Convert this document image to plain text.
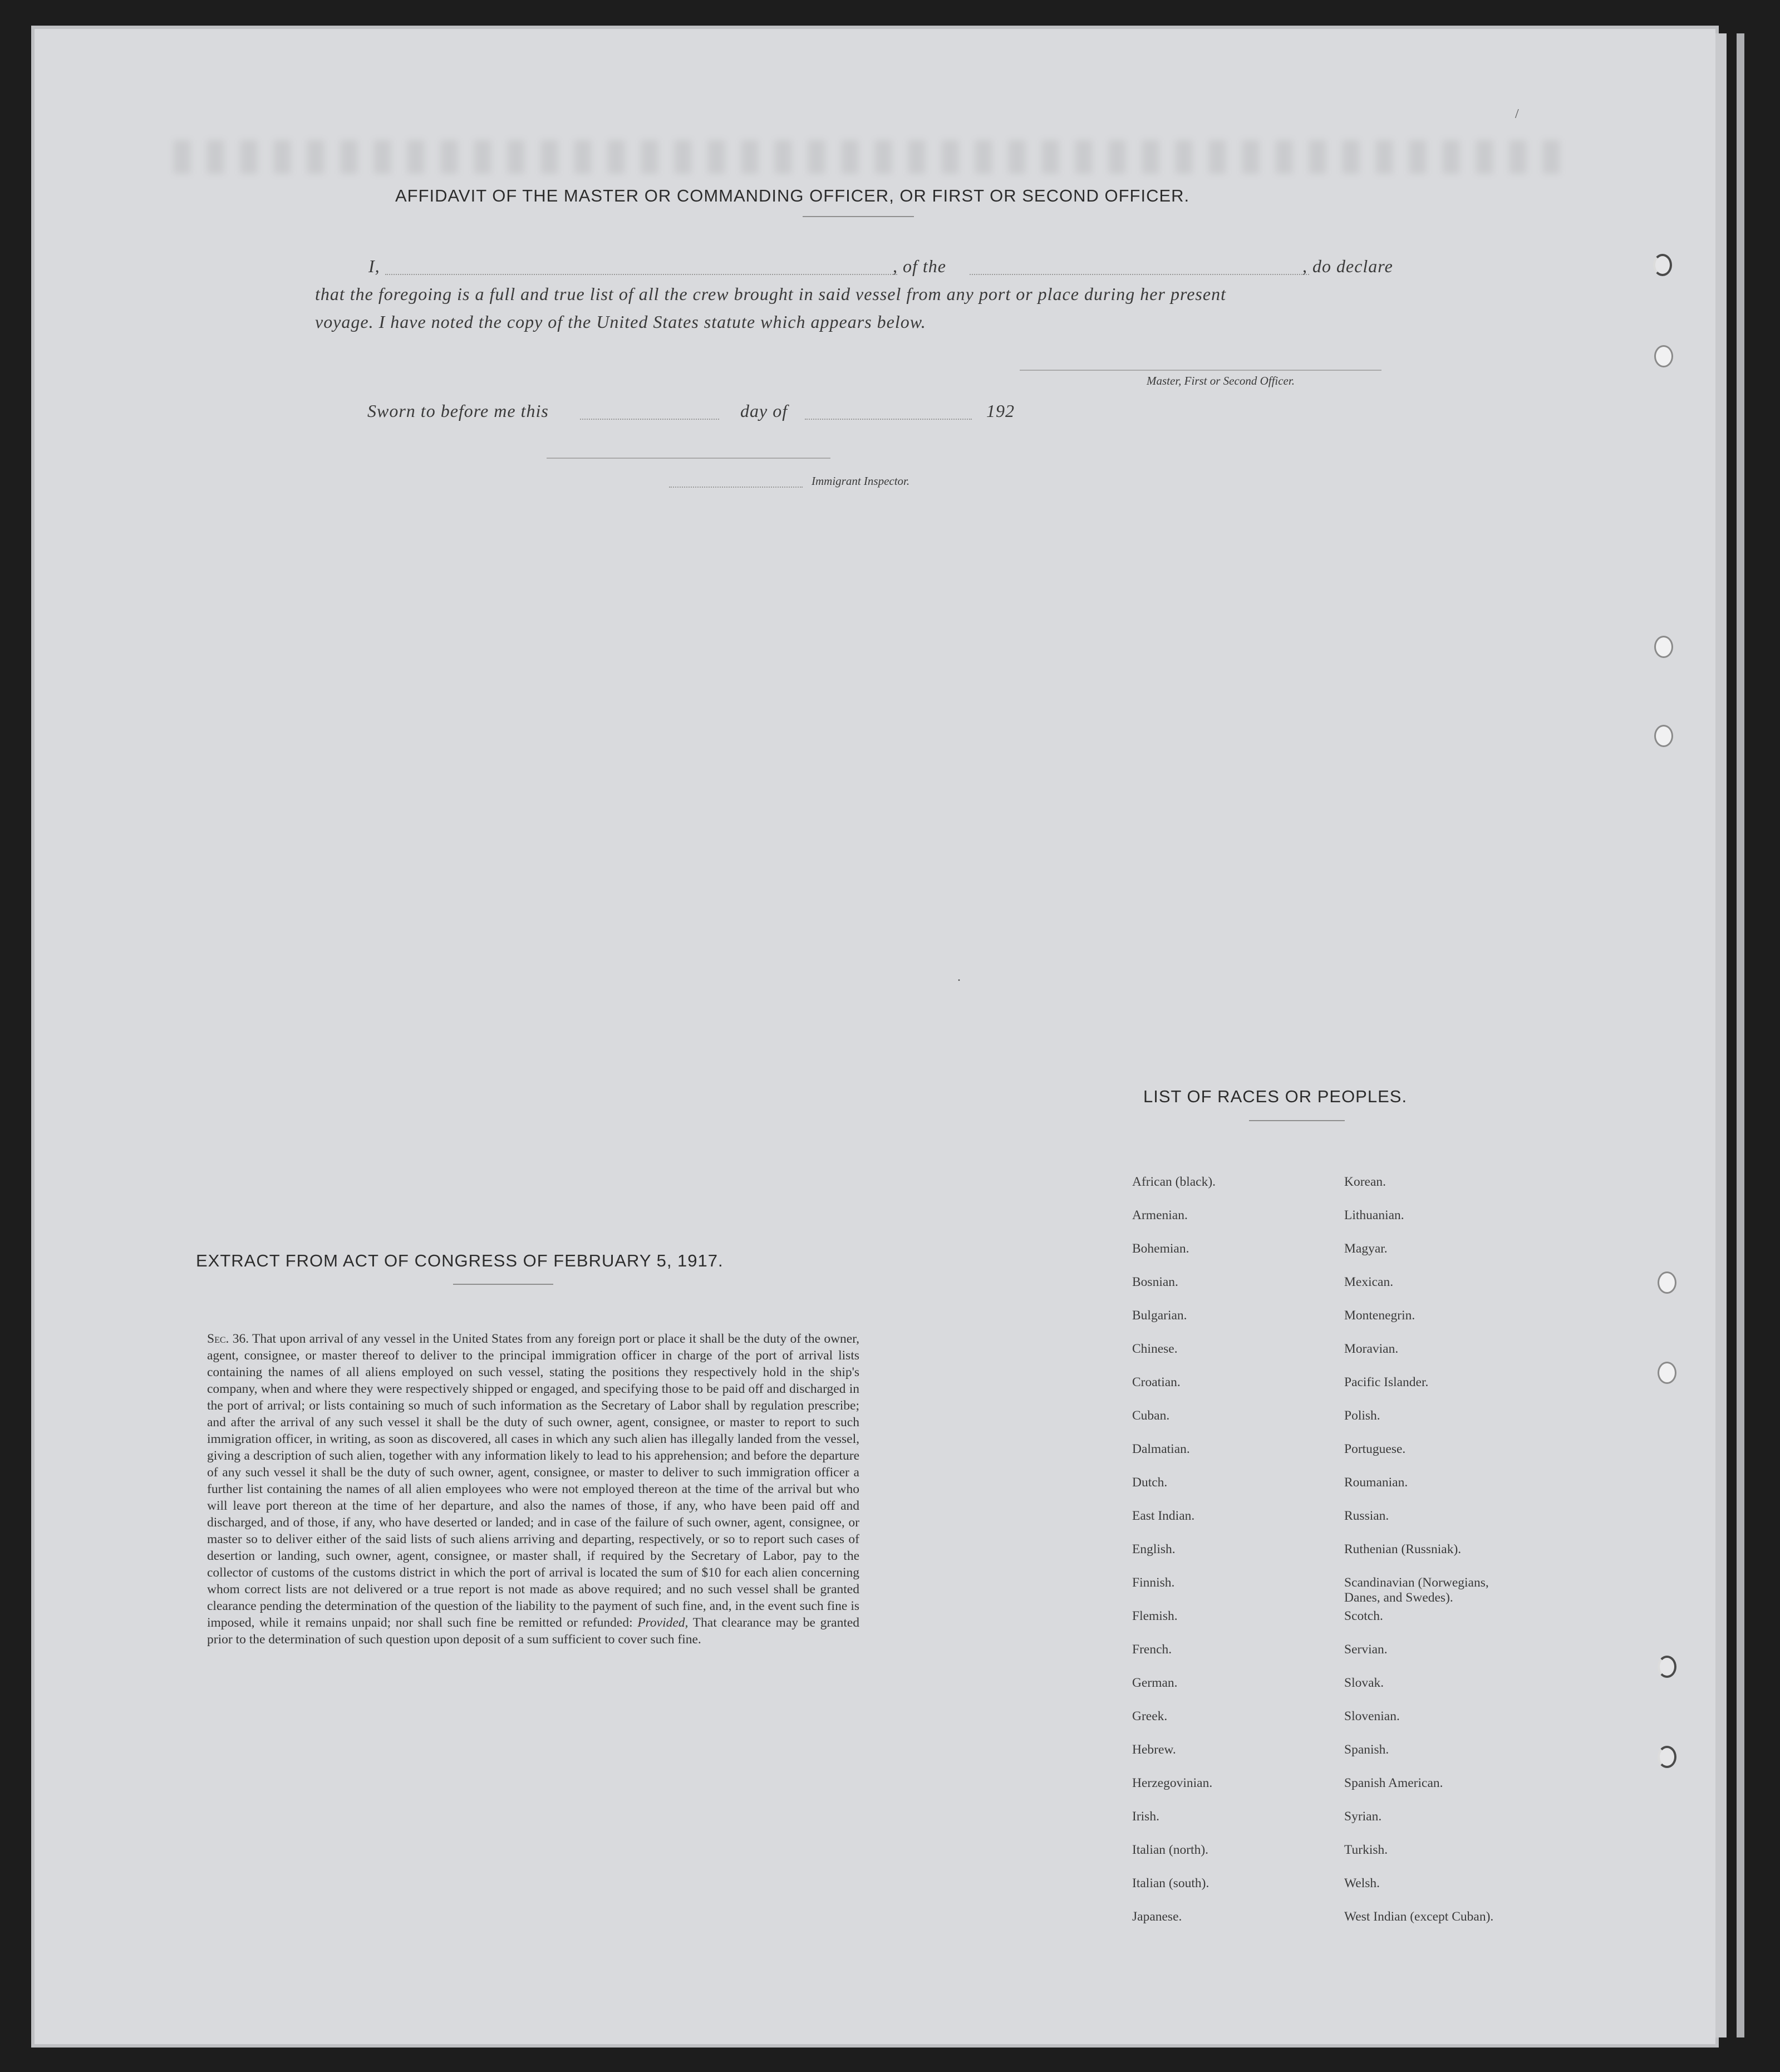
AFFIDAVIT OF THE MASTER OR COMMANDING OFFICER, OR FIRST OR SECOND OFFICER.
I,	, of the	, do declare
that the foregoing is a full and true list of all the crew brought in said vessel from any port or place during her present
voyage. I have noted the copy of the United States statute which appears below.
Master, First or Second Officer.
Sworn to before me this	day of	192
Immigrant Inspector.
EXTRACT FROM ACT OF CONGRESS OF FEBRUARY 5, 1917.
Sec. 36. That upon arrival of any vessel in the United States from any foreign port or place it shall be the duty of the owner, agent, consignee, or master thereof to deliver to the principal immigration officer in charge of the port of arrival lists containing the names of all aliens employed on such vessel, stating the positions they respectively hold in the ship's company, when and where they were respectively shipped or engaged, and specifying those to be paid off and discharged in the port of arrival; or lists containing so much of such information as the Secretary of Labor shall by regulation prescribe; and after the arrival of any such vessel it shall be the duty of such owner, agent, consignee, or master to report to such immigration officer, in writing, as soon as discovered, all cases in which any such alien has illegally landed from the vessel, giving a description of such alien, together with any information likely to lead to his apprehension; and before the departure of any such vessel it shall be the duty of such owner, agent, consignee, or master to deliver to such immigration officer a further list containing the names of all alien employees who were not employed thereon at the time of the arrival but who will leave port thereon at the time of her departure, and also the names of those, if any, who have been paid off and discharged, and of those, if any, who have deserted or landed; and in case of the failure of such owner, agent, consignee, or master so to deliver either of the said lists of such aliens arriving and departing, respectively, or so to report such cases of desertion or landing, such owner, agent, consignee, or master shall, if required by the Secretary of Labor, pay to the collector of customs of the customs district in which the port of arrival is located the sum of $10 for each alien concerning whom correct lists are not delivered or a true report is not made as above required; and no such vessel shall be granted clearance pending the determination of the question of the liability to the payment of such fine, and, in the event such fine is imposed, while it remains unpaid; nor shall such fine be remitted or refunded: Provided, That clearance may be granted prior to the determination of such question upon deposit of a sum sufficient to cover such fine.
LIST OF RACES OR PEOPLES.
African (black).	Korean.
Armenian.	Lithuanian.
Bohemian.	Magyar.
Bosnian.	Mexican.
Bulgarian.	Montenegrin.
Chinese.	Moravian.
Croatian.	Pacific Islander.
Cuban.	Polish.
Dalmatian.	Portuguese.
Dutch.	Roumanian.
East Indian.	Russian.
English.	Ruthenian (Russniak).
Finnish.	Scandinavian (Norwegians, Danes, and Swedes).
Flemish.	Scotch.
French.	Servian.
German.	Slovak.
Greek.	Slovenian.
Hebrew.	Spanish.
Herzegovinian.	Spanish American.
Irish.	Syrian.
Italian (north).	Turkish.
Italian (south).	Welsh.
Japanese.	West Indian (except Cuban).
.
/
